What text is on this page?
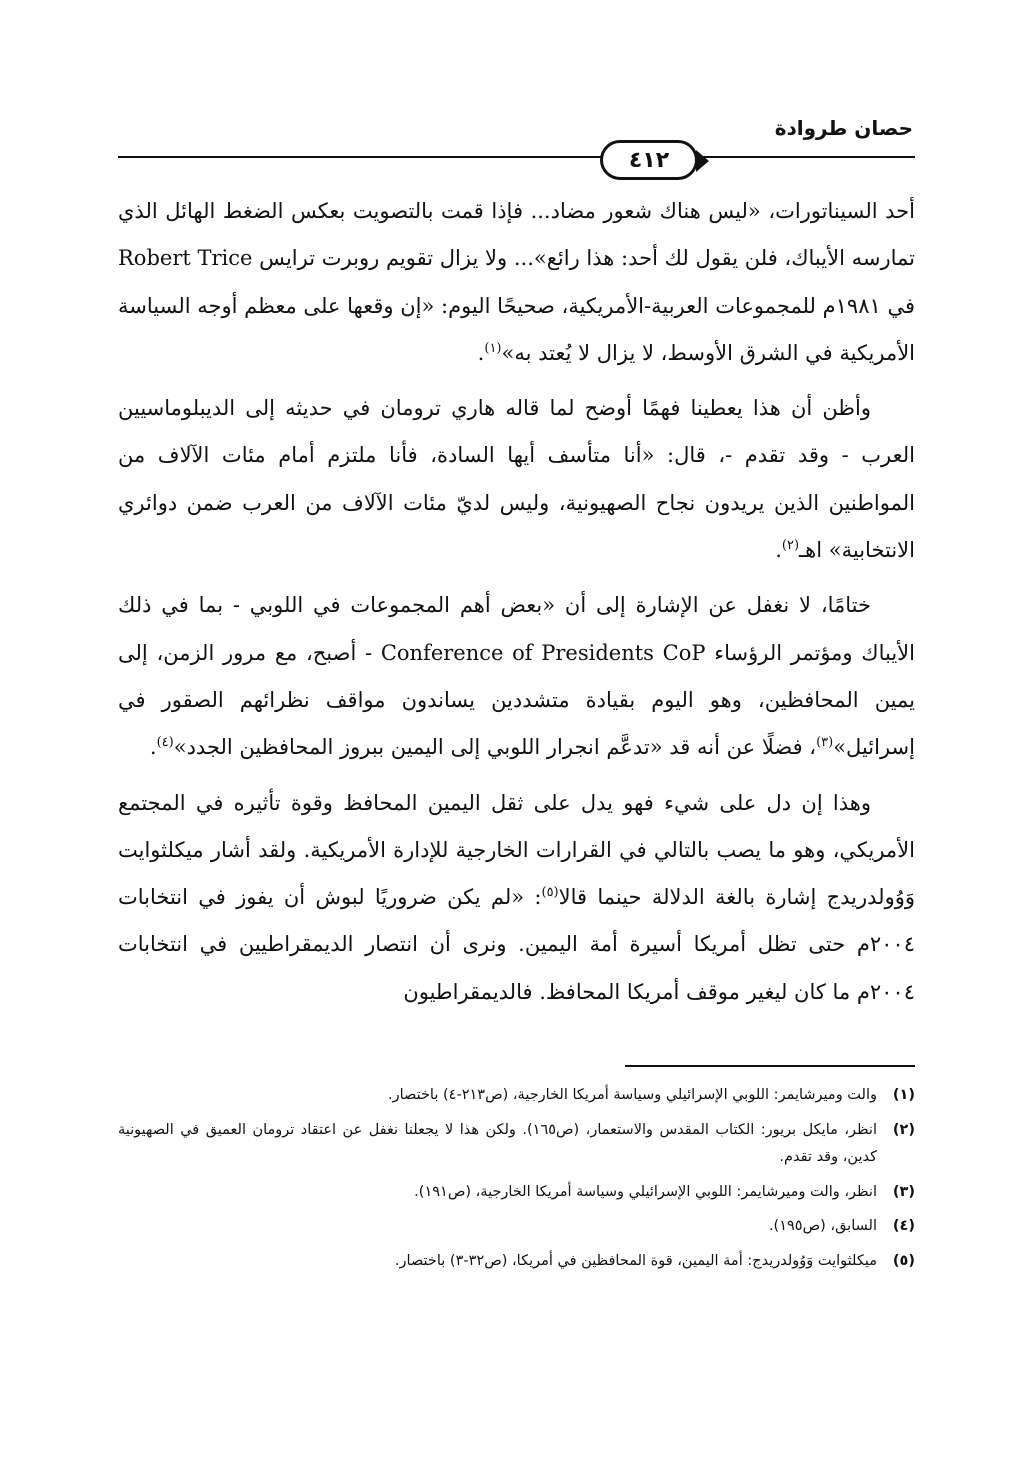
حصان طروادة
٤١٢

أحد السيناتورات، «ليس هناك شعور مضاد... فإذا قمت بالتصويت بعكس الضغط الهائل الذي تمارسه الأيباك، فلن يقول لك أحد: هذا رائع»... ولا يزال تقويم روبرت ترايس Robert Trice في ١٩٨١م للمجموعات العربية-الأمريكية، صحيحًا اليوم: «إن وقعها على معظم أوجه السياسة الأمريكية في الشرق الأوسط، لا يزال لا يُعتد به»$^{(١)}$.

وأظن أن هذا يعطينا فهمًا أوضح لما قاله هاري ترومان في حديثه إلى الديبلوماسيين العرب - وقد تقدم -، قال: «أنا متأسف أيها السادة، فأنا ملتزم أمام مئات الآلاف من المواطنين الذين يريدون نجاح الصهيونية، وليس لديّ مئات الآلاف من العرب ضمن دوائري الانتخابية» اهـ$^{(٢)}$.

ختامًا، لا نغفل عن الإشارة إلى أن «بعض أهم المجموعات في اللوبي - بما في ذلك الأيباك ومؤتمر الرؤساء Conference of Presidents CoP - أصبح، مع مرور الزمن، إلى يمين المحافظين، وهو اليوم بقيادة متشددين يساندون مواقف نظرائهم الصقور في إسرائيل»$^{(٣)}$، فضلًا عن أنه قد «تدعَّم انجرار اللوبي إلى اليمين ببروز المحافظين الجدد»$^{(٤)}$.

وهذا إن دل على شيء فهو يدل على ثقل اليمين المحافظ وقوة تأثيره في المجتمع الأمريكي، وهو ما يصب بالتالي في القرارات الخارجية للإدارة الأمريكية. ولقد أشار ميكلثوايت وَوُولدريدج إشارة بالغة الدلالة حينما قالا$^{(٥)}$: «لم يكن ضروريًا لبوش أن يفوز في انتخابات ٢٠٠٤م حتى تظل أمريكا أسيرة أمة اليمين. ونرى أن انتصار الديمقراطيين في انتخابات ٢٠٠٤م ما كان ليغير موقف أمريكا المحافظ. فالديمقراطيون

(١)
والت وميرشايمر: اللوبي الإسرائيلي وسياسة أمريكا الخارجية، (ص٢١٣-٤) باختصار.
(٢)
انظر، مايكل بريور: الكتاب المقدس والاستعمار، (ص١٦٥). ولكن هذا لا يجعلنا نغفل عن اعتقاد ترومان العميق في الصهيونية كدين، وقد تقدم.
(٣)
انظر، والت وميرشايمر: اللوبي الإسرائيلي وسياسة أمريكا الخارجية، (ص١٩١).
(٤)
السابق، (ص١٩٥).
(٥)
ميكلثوايت وَوُولدريدج: أمة اليمين، قوة المحافظين في أمريكا، (ص٣٢-٣) باختصار.
